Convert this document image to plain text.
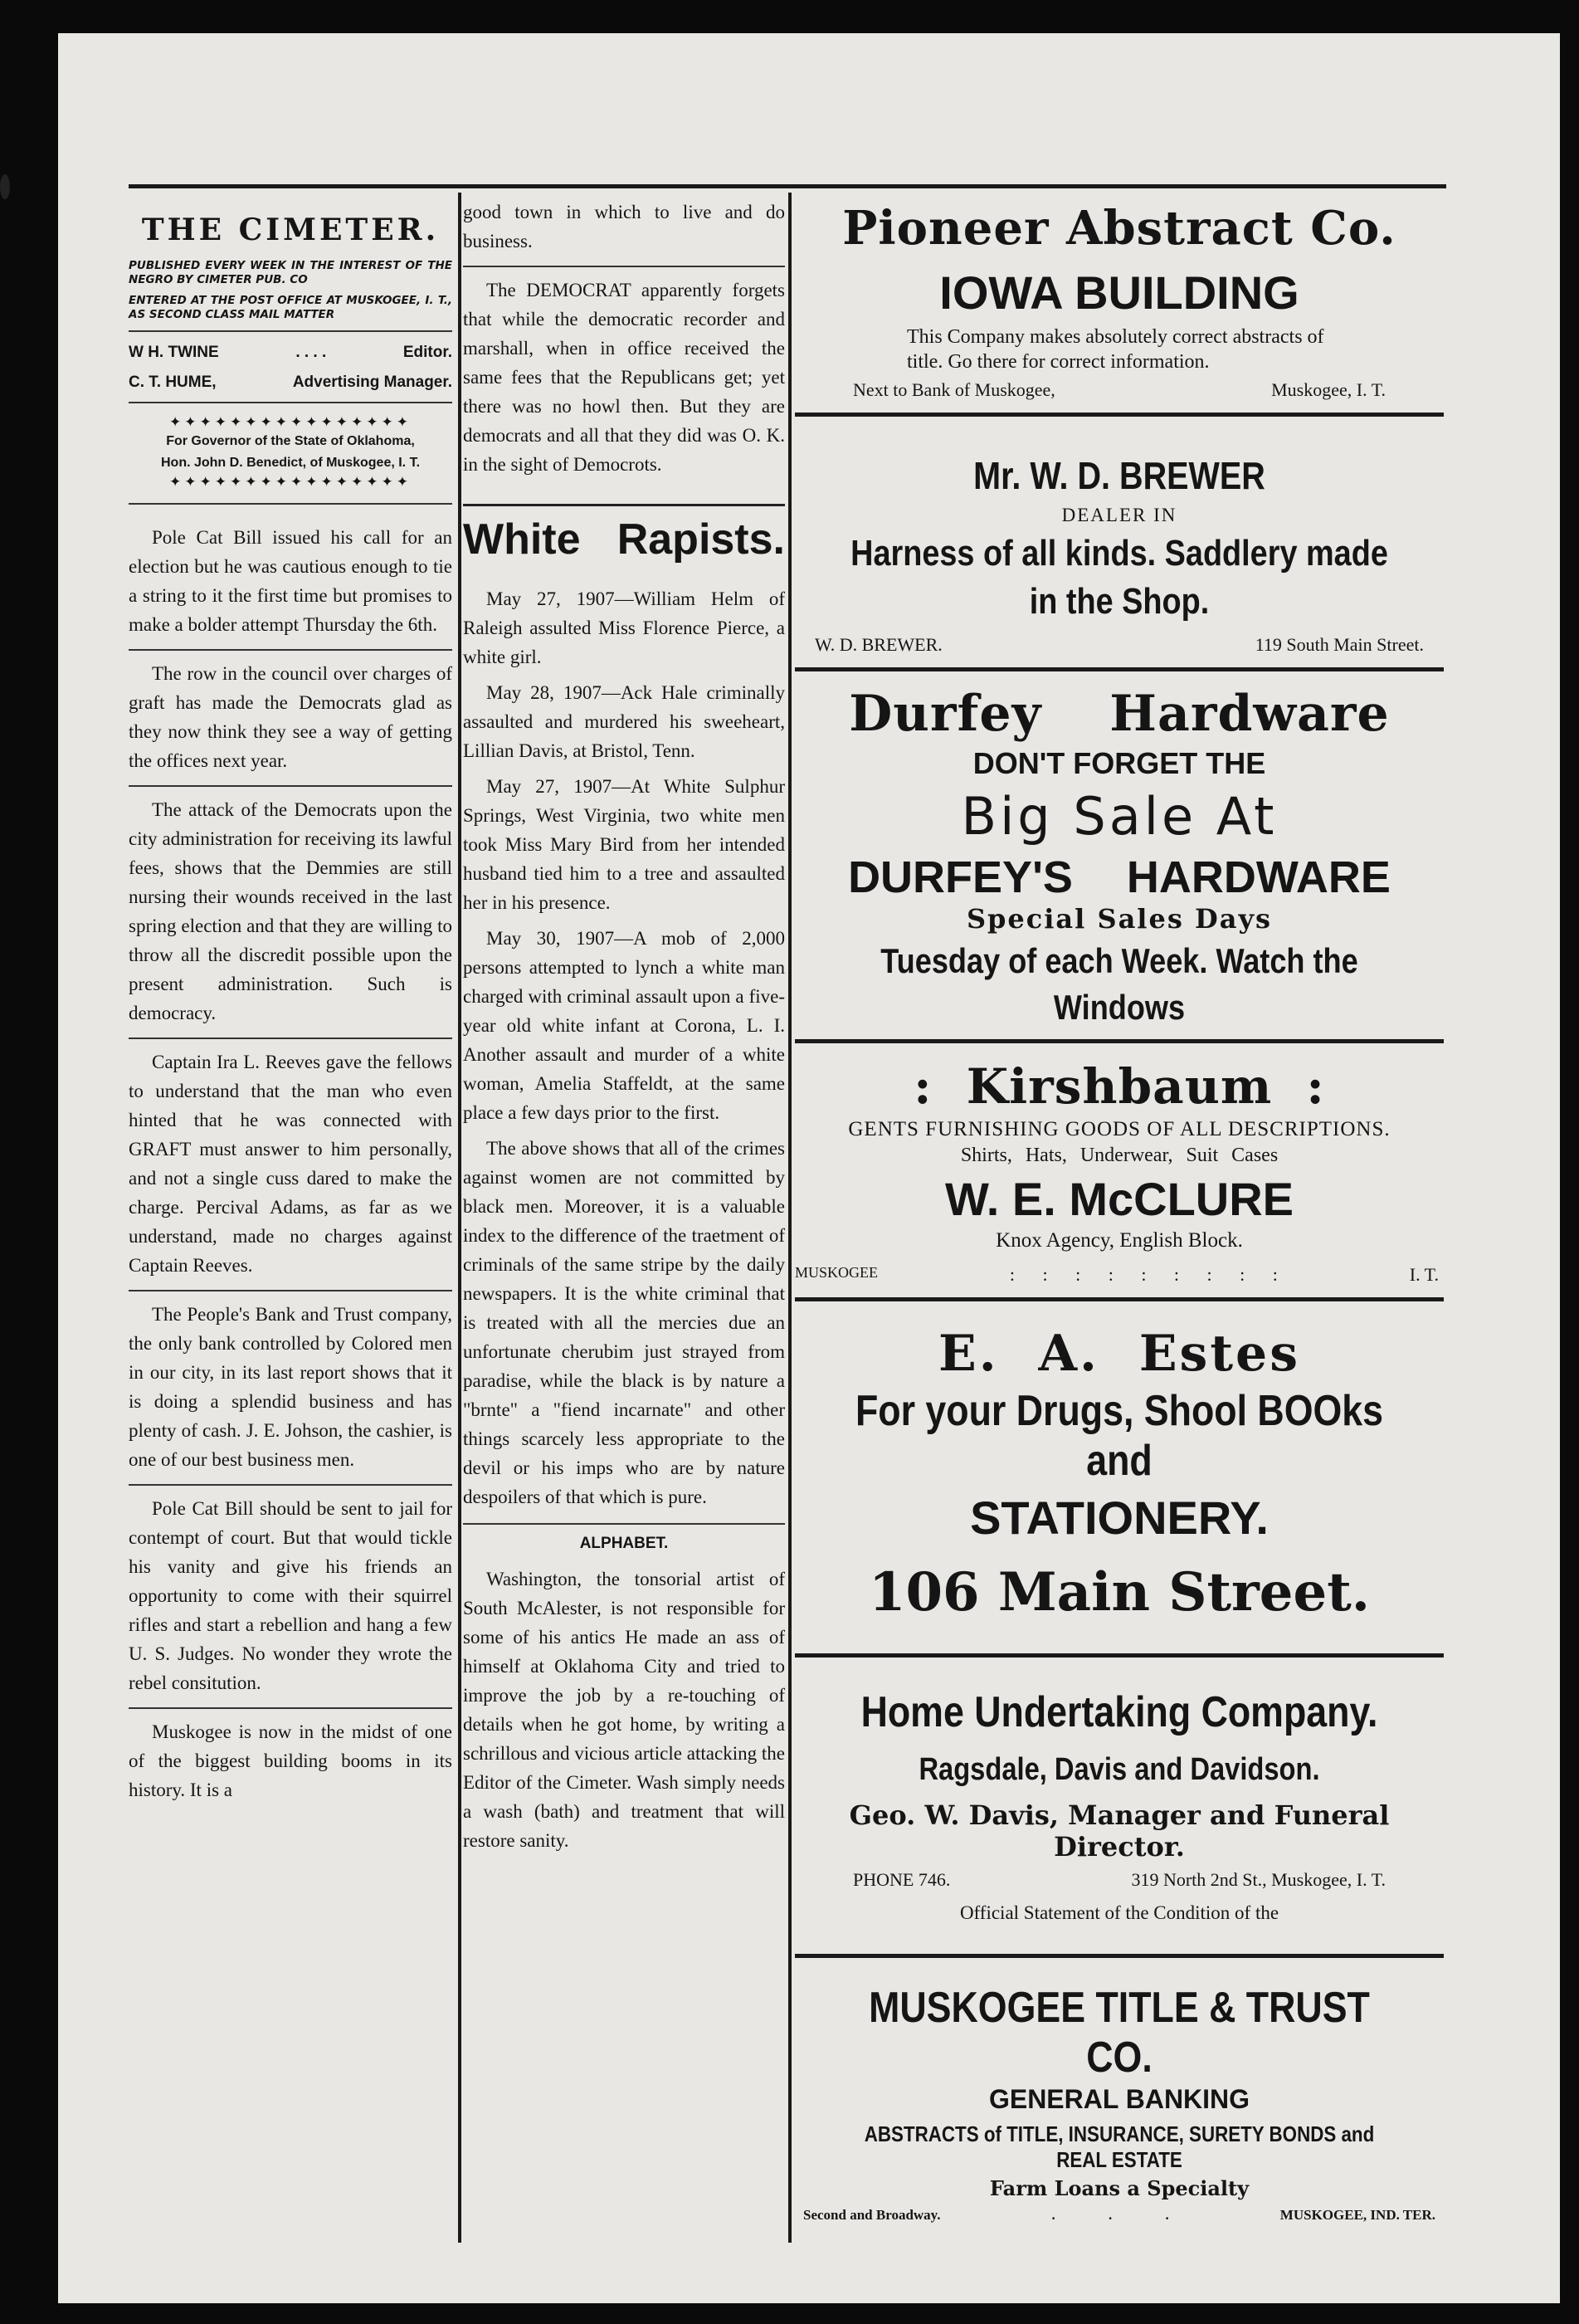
THE CIMETER.
PUBLISHED EVERY WEEK IN THE INTEREST OF THE NEGRO BY CIMETER PUB. CO
ENTERED AT THE POST OFFICE AT MUSKOGEE, I. T., AS SECOND CLASS MAIL MATTER
W H. TWINE	. . . .	Editor.
C. T. HUME,	Advertising Manager.
✦✦✦✦✦✦✦✦✦✦✦✦✦✦✦✦
For Governor of the State of Oklahoma,
Hon. John D. Benedict, of Muskogee, I. T.
✦✦✦✦✦✦✦✦✦✦✦✦✦✦✦✦

Pole Cat Bill issued his call for an election but he was cautious enough to tie a string to it the first time but promises to make a bolder attempt Thursday the 6th.

The row in the council over charges of graft has made the Democrats glad as they now think they see a way of getting the offices next year.

The attack of the Democrats upon the city administration for receiving its lawful fees, shows that the Demmies are still nursing their wounds received in the last spring election and that they are willing to throw all the discredit possible upon the present administration. Such is democracy.

Captain Ira L. Reeves gave the fellows to understand that the man who even hinted that he was connected with GRAFT must answer to him personally, and not a single cuss dared to make the charge. Percival Adams, as far as we understand, made no charges against Captain Reeves.

The People's Bank and Trust company, the only bank controlled by Colored men in our city, in its last report shows that it is doing a splendid business and has plenty of cash. J. E. Johson, the cashier, is one of our best business men.

Pole Cat Bill should be sent to jail for contempt of court. But that would tickle his vanity and give his friends an opportunity to come with their squirrel rifles and start a rebellion and hang a few U. S. Judges. No wonder they wrote the rebel consitution.

Muskogee is now in the midst of one of the biggest building booms in its history. It is a

good town in which to live and do business.

The DEMOCRAT apparently forgets that while the democratic recorder and marshall, when in office received the same fees that the Republicans get; yet there was no howl then. But they are democrats and all that they did was O. K. in the sight of Democrots.

White Rapists.

May 27, 1907—William Helm of Raleigh assulted Miss Florence Pierce, a white girl.

May 28, 1907—Ack Hale criminally assaulted and murdered his sweeheart, Lillian Davis, at Bristol, Tenn.

May 27, 1907—At White Sulphur Springs, West Virginia, two white men took Miss Mary Bird from her intended husband tied him to a tree and assaulted her in his presence.

May 30, 1907—A mob of 2,000 persons attempted to lynch a white man charged with criminal assault upon a five-year old white infant at Corona, L. I. Another assault and murder of a white woman, Amelia Staffeldt, at the same place a few days prior to the first.

The above shows that all of the crimes against women are not committed by black men. Moreover, it is a valuable index to the difference of the traetment of criminals of the same stripe by the daily newspapers. It is the white criminal that is treated with all the mercies due an unfortunate cherubim just strayed from paradise, while the black is by nature a "brnte" a "fiend incarnate" and other things scarcely less appropriate to the devil or his imps who are by nature despoilers of that which is pure.

ALPHABET.

Washington, the tonsorial artist of South McAlester, is not responsible for some of his antics He made an ass of himself at Oklahoma City and tried to improve the job by a re-touching of details when he got home, by writing a schrillous and vicious article attacking the Editor of the Cimeter. Wash simply needs a wash (bath) and treatment that will restore sanity.

Pioneer Abstract Co.
IOWA BUILDING
This Company makes absolutely correct abstracts of title. Go there for correct information.
Next to Bank of Muskogee,	Muskogee, I. T.
Mr. W. D. BREWER
DEALER IN
Harness of all kinds. Saddlery made
in the Shop.
W. D. BREWER.	119 South Main Street.
Durfey Hardware
DON'T FORGET THE
Big Sale At
DURFEY'S HARDWARE
Special Sales Days
Tuesday of each Week. Watch the
Windows
: Kirshbaum :
GENTS FURNISHING GOODS OF ALL DESCRIPTIONS.
Shirts, Hats, Underwear, Suit Cases
W. E. McCLURE
Knox Agency, English Block.
MUSKOGEE	: : : : : : : : :	I. T.
E. A. Estes
For your Drugs, Shool BOOks and
STATIONERY.
106 Main Street.
Home Undertaking Company.
Ragsdale, Davis and Davidson.
Geo. W. Davis, Manager and Funeral
Director.
PHONE 746.	319 North 2nd St., Muskogee, I. T.
Official Statement of the Condition of the
MUSKOGEE TITLE & TRUST CO.
GENERAL BANKING
ABSTRACTS of TITLE, INSURANCE, SURETY BONDS and REAL ESTATE
Farm Loans a Specialty
Second and Broadway.	. . .	MUSKOGEE, IND. TER.
